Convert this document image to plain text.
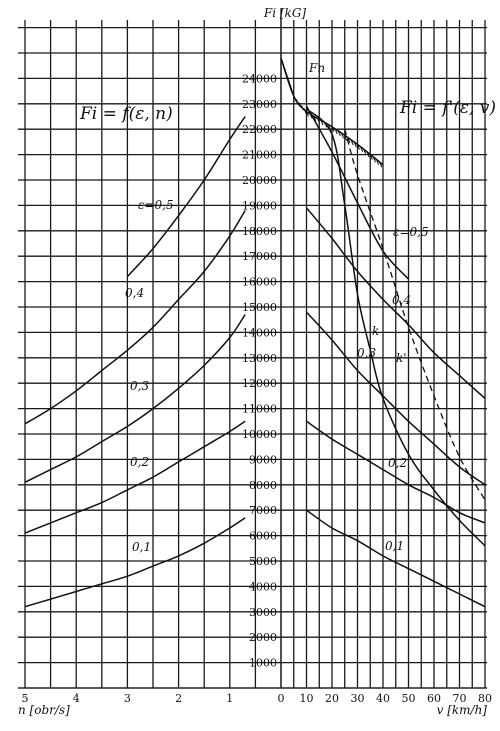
1000
2000
3000
4000
5000
6000
7000
8000
9000
10000
11000
12000
13000
14000
15000
16000
17000
18000
19000
20000
21000
22000
23000
24000
Fi [kG]
5	4	3	2	1
n [obr/s]
0 10 20 30 40 50 60 70 80
v [km/h]
Fi = f(ε, n)	Fi = f'(ε, v)
ε=0,5
0,4
0,3
0,2
0,1
ε=0,5
0,4
0,3
0,2
0,1
Fn
k
k'
